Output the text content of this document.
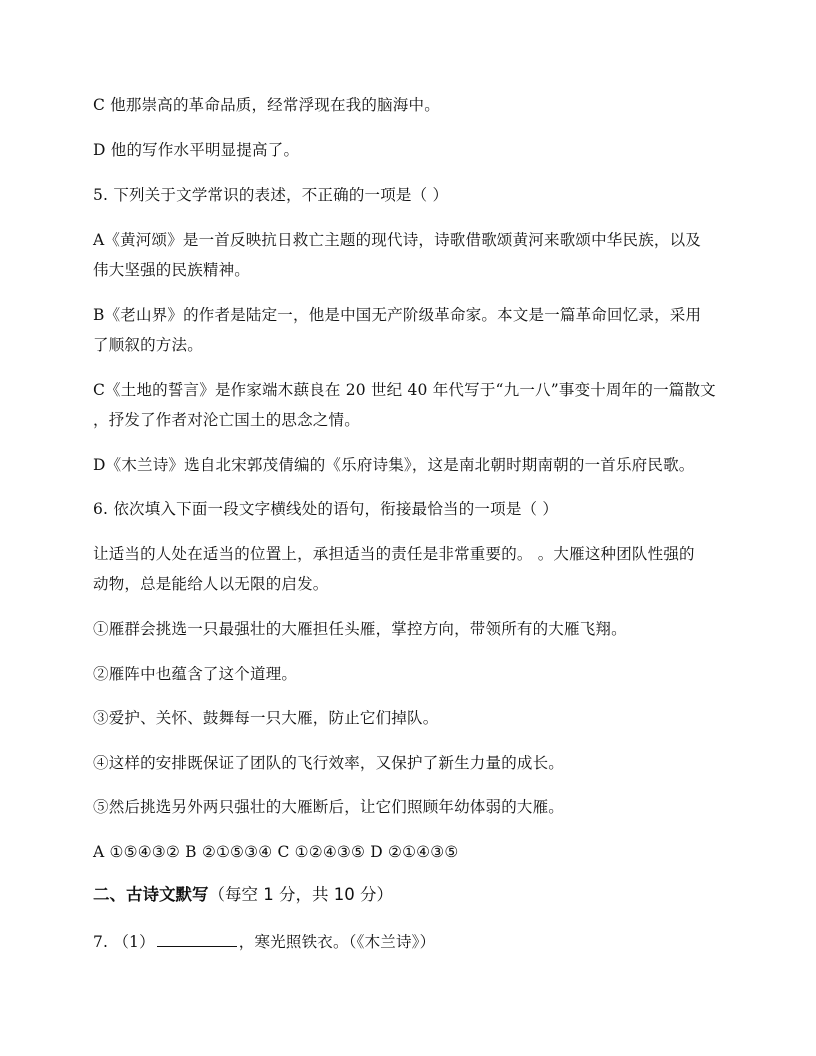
C 他那崇高的革命品质，经常浮现在我的脑海中。
D 他的写作水平明显提高了。
5. 下列关于文学常识的表述，不正确的一项是（ ）
A《黄河颂》是一首反映抗日救亡主题的现代诗，诗歌借歌颂黄河来歌颂中华民族，以及
伟大坚强的民族精神。
B《老山界》的作者是陆定一，他是中国无产阶级革命家。本文是一篇革命回忆录，采用
了顺叙的方法。
C《土地的誓言》是作家端木蕻良在 20 世纪 40 年代写于“九一八”事变十周年的一篇散文
，抒发了作者对沦亡国土的思念之情。
D《木兰诗》选自北宋郭茂倩编的《乐府诗集》，这是南北朝时期南朝的一首乐府民歌。
6. 依次填入下面一段文字横线处的语句，衔接最恰当的一项是（ ）
让适当的人处在适当的位置上，承担适当的责任是非常重要的。 。大雁这种团队性强的
动物，总是能给人以无限的启发。
①雁群会挑选一只最强壮的大雁担任头雁，掌控方向，带领所有的大雁飞翔。
②雁阵中也蕴含了这个道理。
③爱护、关怀、鼓舞每一只大雁，防止它们掉队。
④这样的安排既保证了团队的飞行效率，又保护了新生力量的成长。
⑤然后挑选另外两只强壮的大雁断后，让它们照顾年幼体弱的大雁。
A ①⑤④③② B ②①⑤③④ C ①②④③⑤ D ②①④③⑤
二、古诗文默写（每空 1 分，共 10 分）
7. （1）	，寒光照铁衣。（《木兰诗》）
